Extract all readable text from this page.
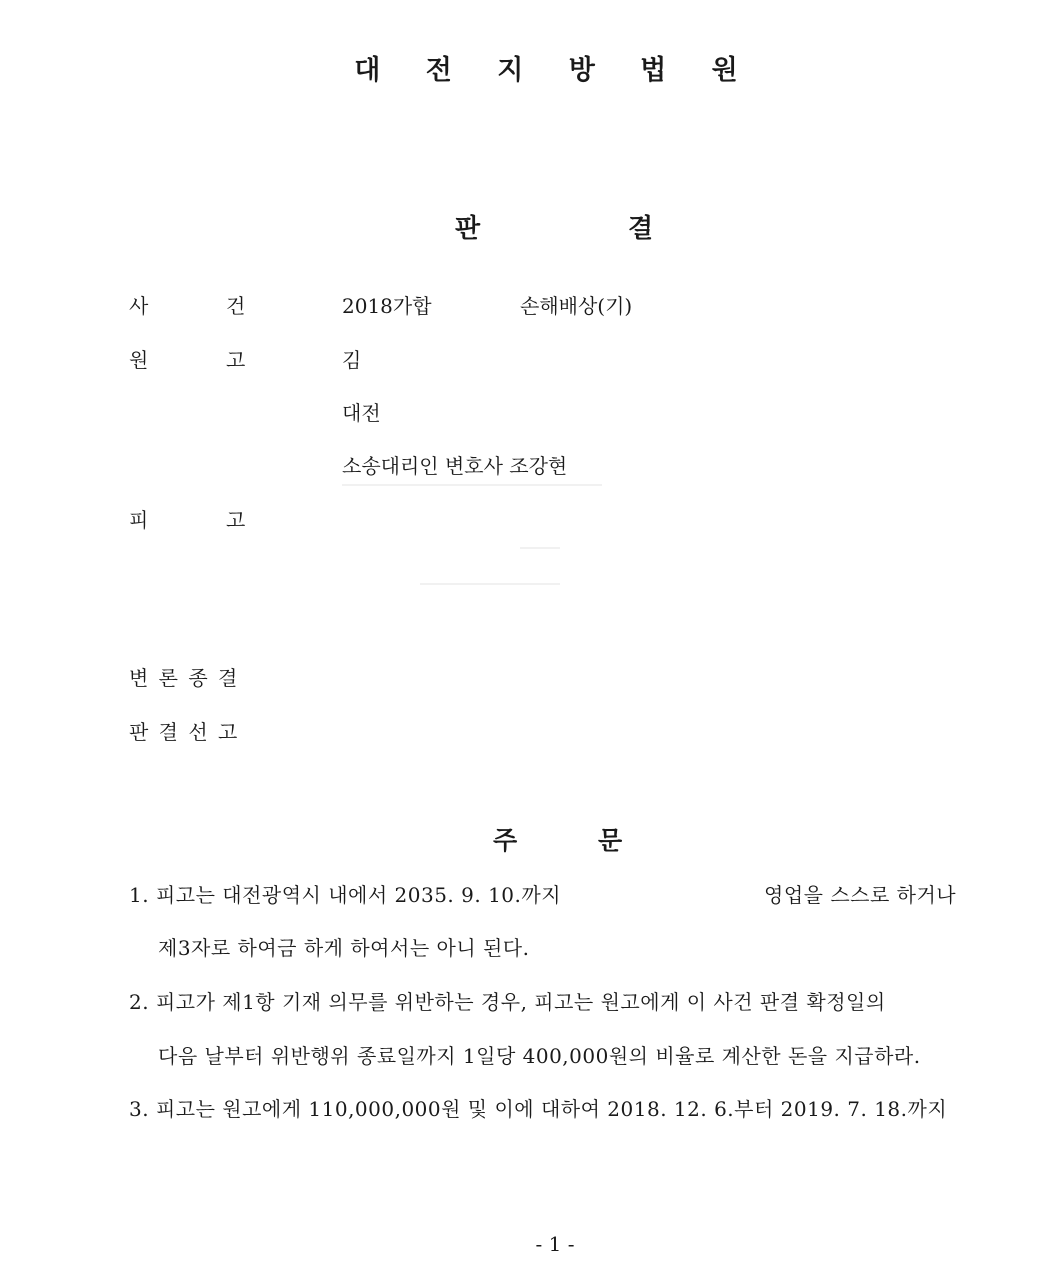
대 전 지 방 법 원
판	결
사	건	2018가합	손해배상(기)
원	고	김
대전
소송대리인 변호사 조강현
피	고
변 론 종 결
판 결 선 고
주	문
1. 피고는 대전광역시 내에서 2035. 9. 10.까지	영업을 스스로 하거나
제3자로 하여금 하게 하여서는 아니 된다.
2. 피고가 제1항 기재 의무를 위반하는 경우, 피고는 원고에게 이 사건 판결 확정일의
다음 날부터 위반행위 종료일까지 1일당 400,000원의 비율로 계산한 돈을 지급하라.
3. 피고는 원고에게 110,000,000원 및 이에 대하여 2018. 12. 6.부터 2019. 7. 18.까지
- 1 -
